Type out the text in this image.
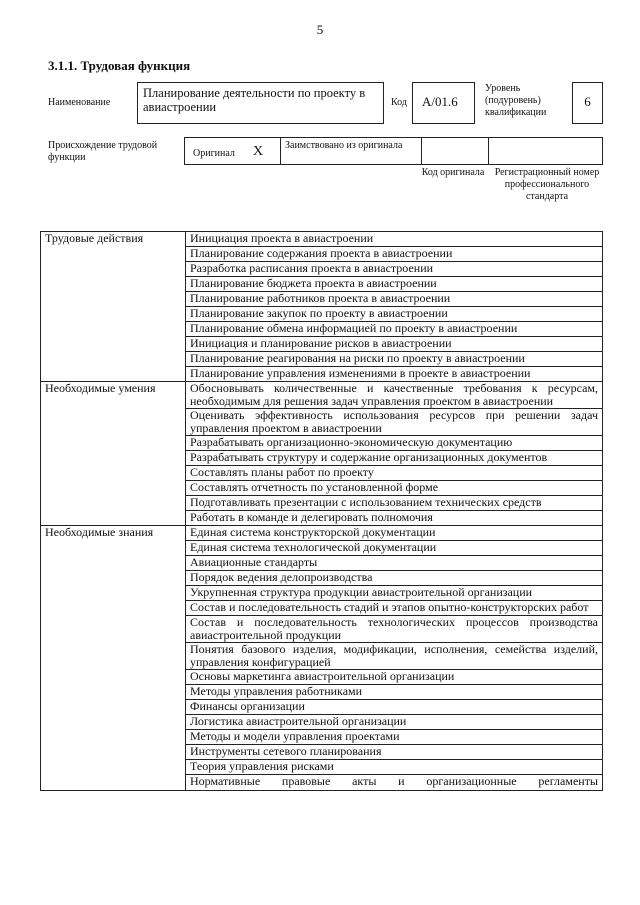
5
3.1.1. Трудовая функция
Наименование
Планирование деятельности по проекту в авиастроении	Код	А/01.6
Уровень (подуровень) квалификации
6
Происхождение трудовой функции	Оригинал X Заимствовано из оригинала
Код оригинала Регистрационный номер профессионального стандарта
Трудовые действия	Инициация проекта в авиастроении
	Планирование содержания проекта в авиастроении
	Разработка расписания проекта в авиастроении
	Планирование бюджета проекта в авиастроении
	Планирование работников проекта в авиастроении
	Планирование закупок по проекту в авиастроении
	Планирование обмена информацией по проекту в авиастроении
	Инициация и планирование рисков в авиастроении
	Планирование реагирования на риски по проекту в авиастроении
	Планирование управления изменениями в проекте в авиастроении
Необходимые умения	Обосновывать количественные и качественные требования к ресурсам, необходимым для решения задач управления проектом в авиастроении
	Оценивать эффективность использования ресурсов при решении задач управления проектом в авиастроении
	Разрабатывать организационно-экономическую документацию
	Разрабатывать структуру и содержание организационных документов
	Составлять планы работ по проекту
	Составлять отчетность по установленной форме
	Подготавливать презентации с использованием технических средств
	Работать в команде и делегировать полномочия
Необходимые знания	Единая система конструкторской документации
	Единая система технологической документации
	Авиационные стандарты
	Порядок ведения делопроизводства
	Укрупненная структура продукции авиастроительной организации
	Состав и последовательность стадий и этапов опытно-конструкторских работ
	Состав и последовательность технологических процессов производства авиастроительной продукции
	Понятия базового изделия, модификации, исполнения, семейства изделий, управления конфигурацией
	Основы маркетинга авиастроительной организации
	Методы управления работниками
	Финансы организации
	Логистика авиастроительной организации
	Методы и модели управления проектами
	Инструменты сетевого планирования
	Теория управления рисками
	Нормативные правовые акты и организационные регламенты
